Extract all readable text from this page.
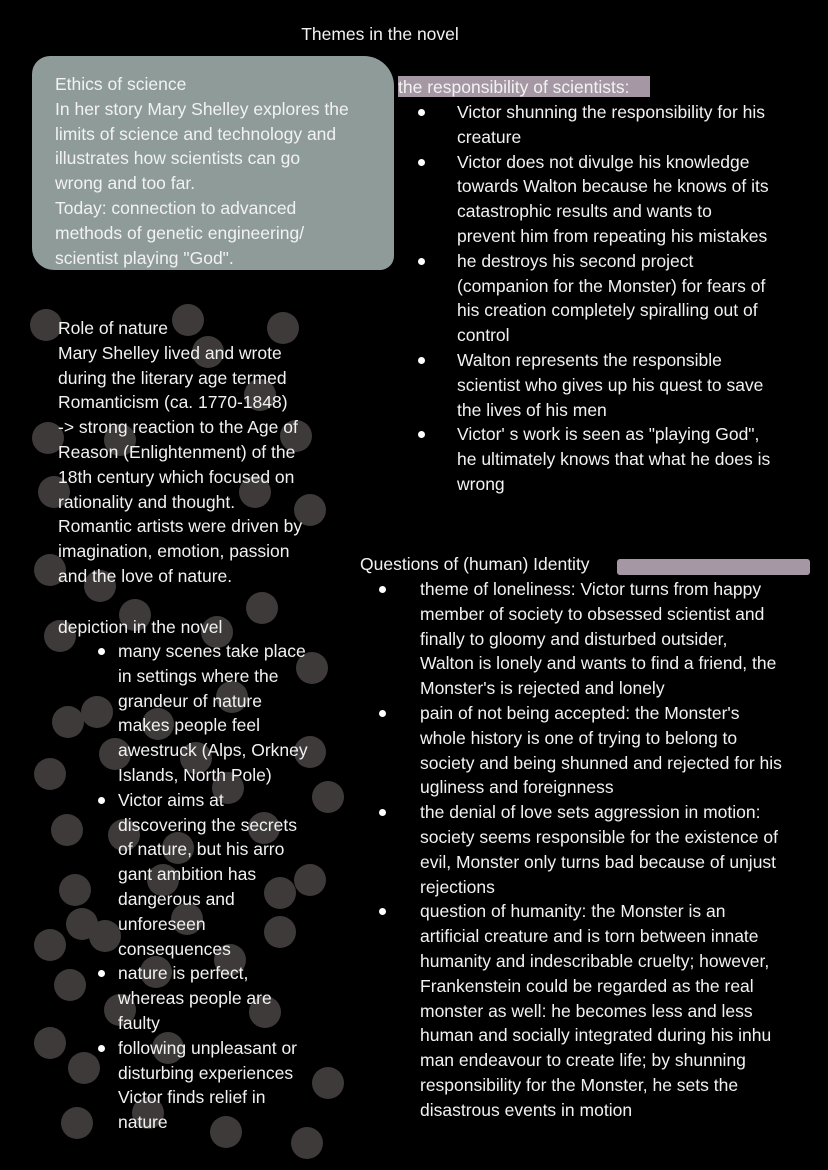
Themes in the novel
Ethics of science
In her story Mary Shelley explores the
limits of science and technology and
illustrates how scientists can go
wrong and too far.
Today: connection to advanced
methods of genetic engineering/
scientist playing "God".
Role of nature
Mary Shelley lived and wrote
during the literary age termed
Romanticism (ca. 1770-1848)
-> strong reaction to the Age of
Reason (Enlightenment) of the
18th century which focused on
rationality and thought.
Romantic artists were driven by
imagination, emotion, passion
and the love of nature.
depiction in the novel
many scenes take place
in settings where the
grandeur of nature
makes people feel
awestruck (Alps, Orkney
Islands, North Pole)
Victor aims at
discovering the secrets
of nature, but his arro
gant ambition has
dangerous and
unforeseen
consequences
nature is perfect,
whereas people are
faulty
following unpleasant or
disturbing experiences
Victor finds relief in
nature
the responsibility of scientists:
Victor shunning the responsibility for his
creature
Victor does not divulge his knowledge
towards Walton because he knows of its
catastrophic results and wants to
prevent him from repeating his mistakes
he destroys his second project
(companion for the Monster) for fears of
his creation completely spiralling out of
control
Walton represents the responsible
scientist who gives up his quest to save
the lives of his men
Victor' s work is seen as "playing God",
he ultimately knows that what he does is
wrong
Questions of (human) Identity
theme of loneliness: Victor turns from happy
member of society to obsessed scientist and
finally to gloomy and disturbed outsider,
Walton is lonely and wants to find a friend, the
Monster's is rejected and lonely
pain of not being accepted: the Monster's
whole history is one of trying to belong to
society and being shunned and rejected for his
ugliness and foreignness
the denial of love sets aggression in motion:
society seems responsible for the existence of
evil, Monster only turns bad because of unjust
rejections
question of humanity: the Monster is an
artificial creature and is torn between innate
humanity and indescribable cruelty; however,
Frankenstein could be regarded as the real
monster as well: he becomes less and less
human and socially integrated during his inhu
man endeavour to create life; by shunning
responsibility for the Monster, he sets the
disastrous events in motion
